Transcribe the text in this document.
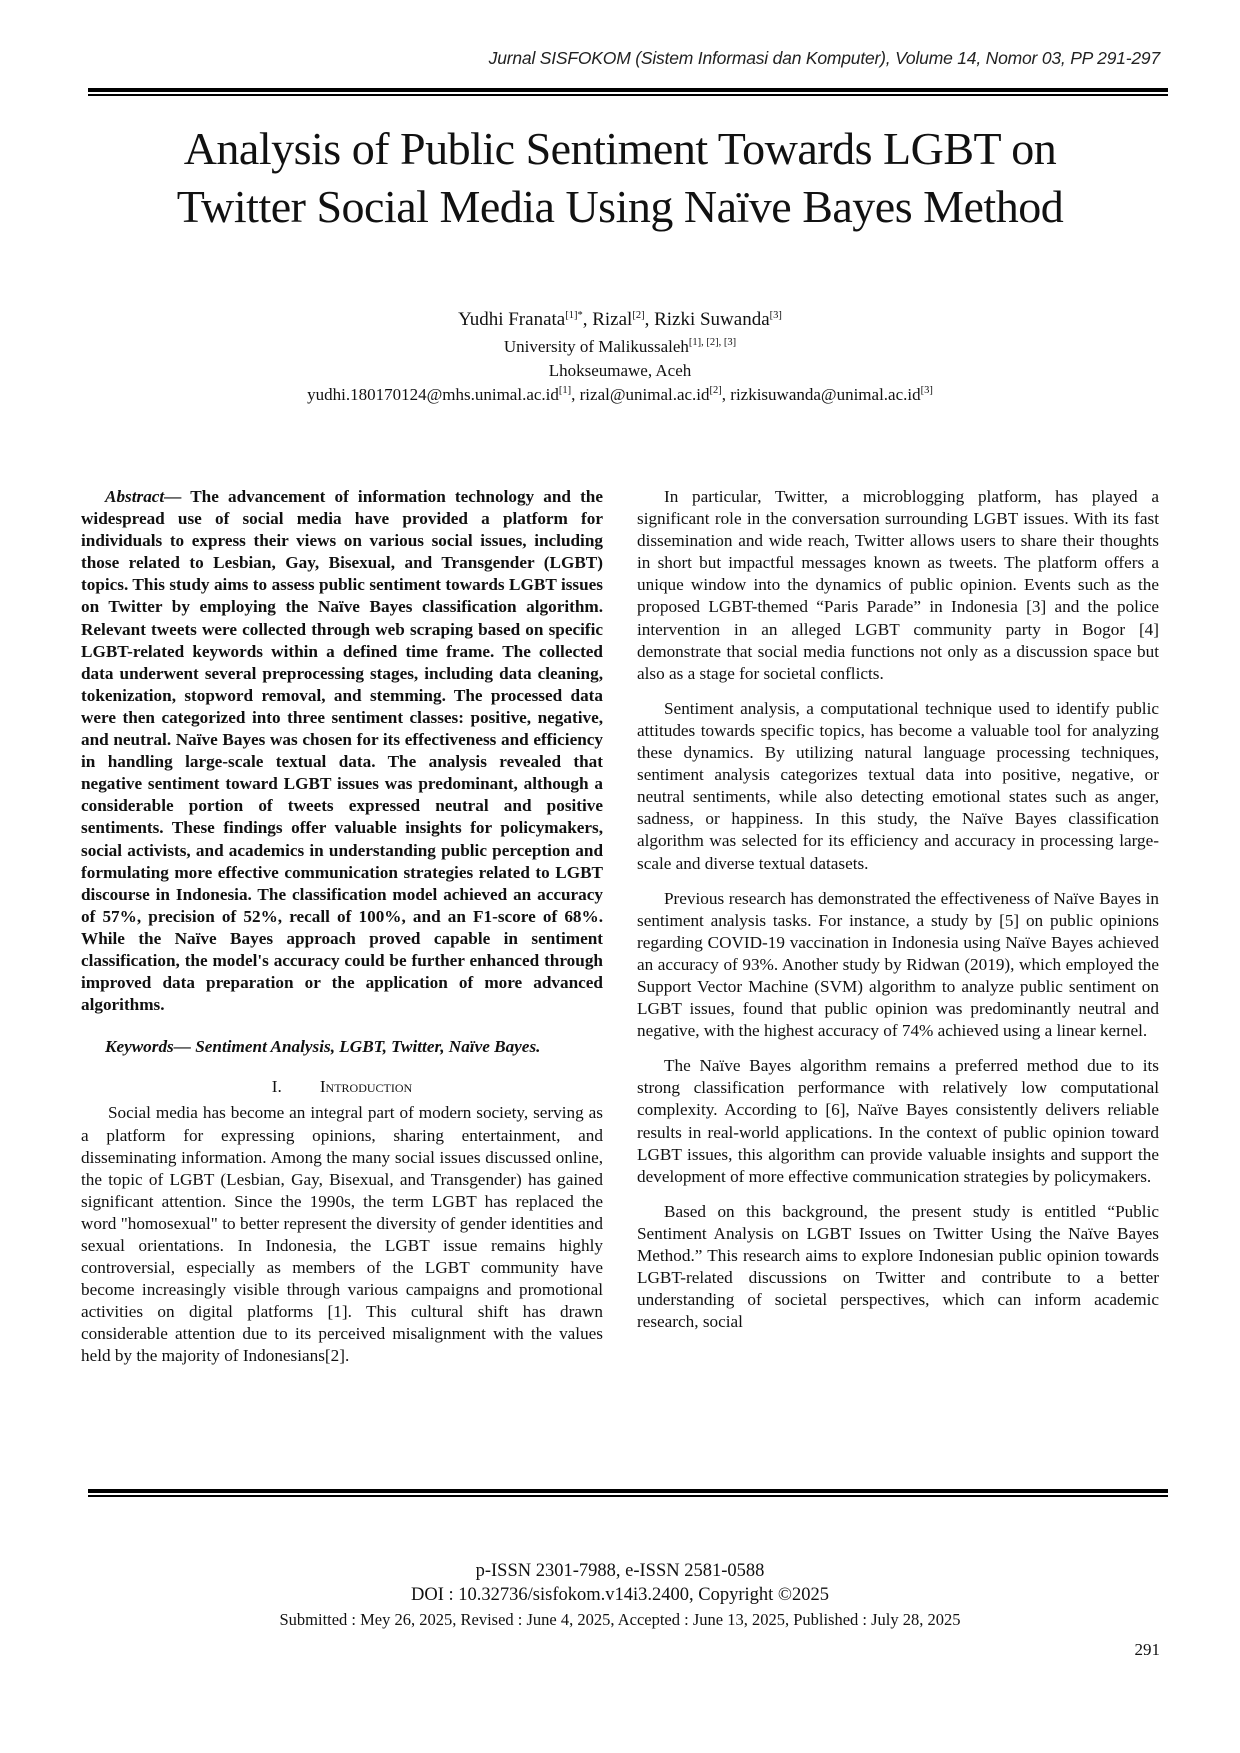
Jurnal SISFOKOM (Sistem Informasi dan Komputer), Volume 14, Nomor 03, PP 291-297
Analysis of Public Sentiment Towards LGBT on
Twitter Social Media Using Naïve Bayes Method
Yudhi Franata$^{[1]*}$, Rizal[2], Rizki Suwanda[3]
University of Malikussaleh[1], [2], [3]
Lhokseumawe, Aceh
yudhi.180170124@mhs.unimal.ac.id[1], rizal@unimal.ac.id[2], rizkisuwanda@unimal.ac.id[3]

Abstract— The advancement of information technology and the widespread use of social media have provided a platform for individuals to express their views on various social issues, including those related to Lesbian, Gay, Bisexual, and Transgender (LGBT) topics. This study aims to assess public sentiment towards LGBT issues on Twitter by employing the Naïve Bayes classification algorithm. Relevant tweets were collected through web scraping based on specific LGBT-related keywords within a defined time frame. The collected data underwent several preprocessing stages, including data cleaning, tokenization, stopword removal, and stemming. The processed data were then categorized into three sentiment classes: positive, negative, and neutral. Naïve Bayes was chosen for its effectiveness and efficiency in handling large-scale textual data. The analysis revealed that negative sentiment toward LGBT issues was predominant, although a considerable portion of tweets expressed neutral and positive sentiments. These findings offer valuable insights for policymakers, social activists, and academics in understanding public perception and formulating more effective communication strategies related to LGBT discourse in Indonesia. The classification model achieved an accuracy of 57%, precision of 52%, recall of 100%, and an F1-score of 68%. While the Naïve Bayes approach proved capable in sentiment classification, the model's accuracy could be further enhanced through improved data preparation or the application of more advanced algorithms.

Keywords— Sentiment Analysis, LGBT, Twitter, Naïve Bayes.

I. Introduction

Social media has become an integral part of modern society, serving as a platform for expressing opinions, sharing entertainment, and disseminating information. Among the many social issues discussed online, the topic of LGBT (Lesbian, Gay, Bisexual, and Transgender) has gained significant attention. Since the 1990s, the term LGBT has replaced the word "homosexual" to better represent the diversity of gender identities and sexual orientations. In Indonesia, the LGBT issue remains highly controversial, especially as members of the LGBT community have become increasingly visible through various campaigns and promotional activities on digital platforms [1]. This cultural shift has drawn considerable attention due to its perceived misalignment with the values held by the majority of Indonesians[2].

In particular, Twitter, a microblogging platform, has played a significant role in the conversation surrounding LGBT issues. With its fast dissemination and wide reach, Twitter allows users to share their thoughts in short but impactful messages known as tweets. The platform offers a unique window into the dynamics of public opinion. Events such as the proposed LGBT-themed “Paris Parade” in Indonesia [3] and the police intervention in an alleged LGBT community party in Bogor [4] demonstrate that social media functions not only as a discussion space but also as a stage for societal conflicts.

Sentiment analysis, a computational technique used to identify public attitudes towards specific topics, has become a valuable tool for analyzing these dynamics. By utilizing natural language processing techniques, sentiment analysis categorizes textual data into positive, negative, or neutral sentiments, while also detecting emotional states such as anger, sadness, or happiness. In this study, the Naïve Bayes classification algorithm was selected for its efficiency and accuracy in processing large-scale and diverse textual datasets.

Previous research has demonstrated the effectiveness of Naïve Bayes in sentiment analysis tasks. For instance, a study by [5] on public opinions regarding COVID-19 vaccination in Indonesia using Naïve Bayes achieved an accuracy of 93%. Another study by Ridwan (2019), which employed the Support Vector Machine (SVM) algorithm to analyze public sentiment on LGBT issues, found that public opinion was predominantly neutral and negative, with the highest accuracy of 74% achieved using a linear kernel.

The Naïve Bayes algorithm remains a preferred method due to its strong classification performance with relatively low computational complexity. According to [6], Naïve Bayes consistently delivers reliable results in real-world applications. In the context of public opinion toward LGBT issues, this algorithm can provide valuable insights and support the development of more effective communication strategies by policymakers.

Based on this background, the present study is entitled “Public Sentiment Analysis on LGBT Issues on Twitter Using the Naïve Bayes Method.” This research aims to explore Indonesian public opinion towards LGBT-related discussions on Twitter and contribute to a better understanding of societal perspectives, which can inform academic research, social

p-ISSN 2301-7988, e-ISSN 2581-0588
DOI : 10.32736/sisfokom.v14i3.2400, Copyright ©2025
Submitted : Mey 26, 2025, Revised : June 4, 2025, Accepted : June 13, 2025, Published : July 28, 2025
291
